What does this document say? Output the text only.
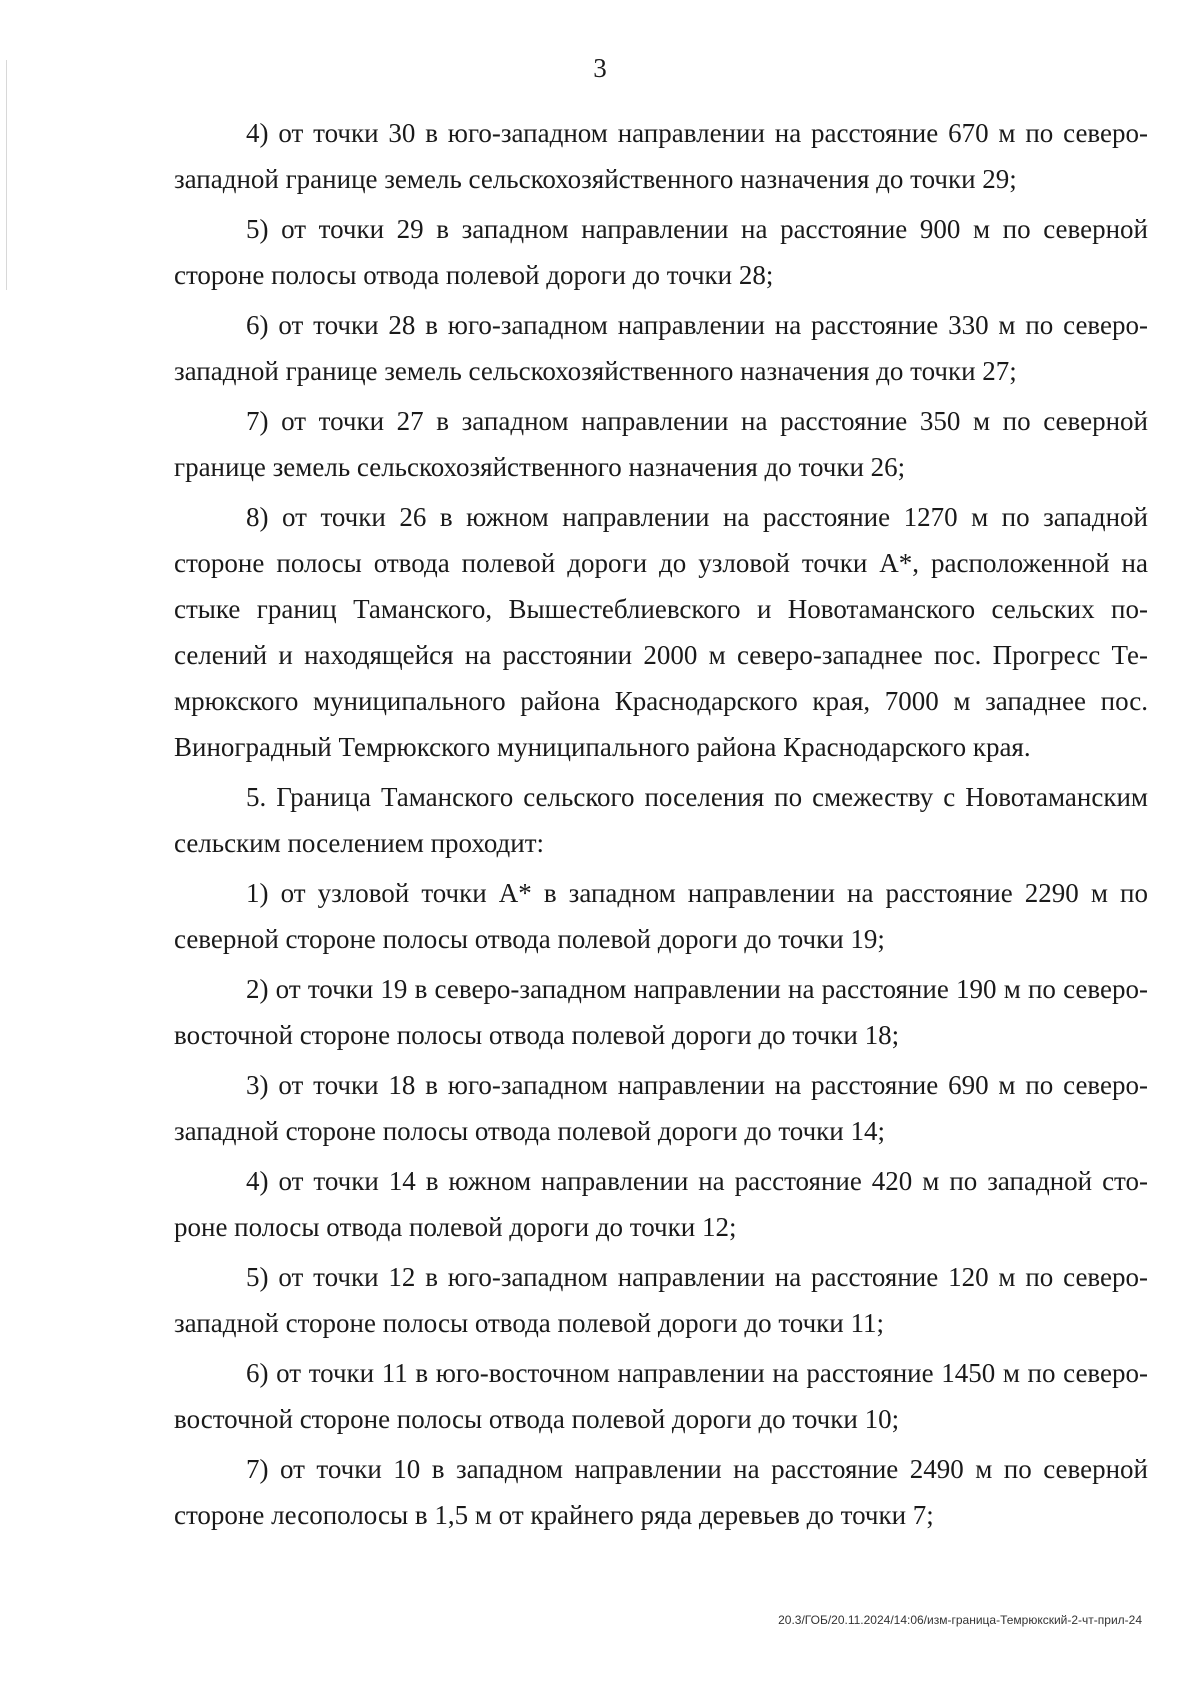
3

4) от точки 30 в юго-западном направлении на расстояние 670 м по северо-западной границе земель сельскохозяйственного назначения до точки 29;

5) от точки 29 в западном направлении на расстояние 900 м по северной стороне полосы отвода полевой дороги до точки 28;

6) от точки 28 в юго-западном направлении на расстояние 330 м по северо-западной границе земель сельскохозяйственного назначения до точки 27;

7) от точки 27 в западном направлении на расстояние 350 м по северной границе земель сельскохозяйственного назначения до точки 26;

8) от точки 26 в южном направлении на расстояние 1270 м по западной стороне полосы отвода полевой дороги до узловой точки А*, расположенной на стыке границ Таманского, Вышестеблиевского и Новотаманского сельских поселений и находящейся на расстоянии 2000 м северо-западнее пос. Прогресс Темрюкского муниципального района Краснодарского края, 7000 м западнее пос. Виноградный Темрюкского муниципального района Краснодарского края.

5. Граница Таманского сельского поселения по смежеству с Новотаманским сельским поселением проходит:

1) от узловой точки А* в западном направлении на расстояние 2290 м по северной стороне полосы отвода полевой дороги до точки 19;

2) от точки 19 в северо-западном направлении на расстояние 190 м по северо-восточной стороне полосы отвода полевой дороги до точки 18;

3) от точки 18 в юго-западном направлении на расстояние 690 м по северо-западной стороне полосы отвода полевой дороги до точки 14;

4) от точки 14 в южном направлении на расстояние 420 м по западной стороне полосы отвода полевой дороги до точки 12;

5) от точки 12 в юго-западном направлении на расстояние 120 м по северо-западной стороне полосы отвода полевой дороги до точки 11;

6) от точки 11 в юго-восточном направлении на расстояние 1450 м по северо-восточной стороне полосы отвода полевой дороги до точки 10;

7) от точки 10 в западном направлении на расстояние 2490 м по северной стороне лесополосы в 1,5 м от крайнего ряда деревьев до точки 7;

20.3/ГОБ/20.11.2024/14:06/изм-граница-Темрюкский-2-чт-прил-24
